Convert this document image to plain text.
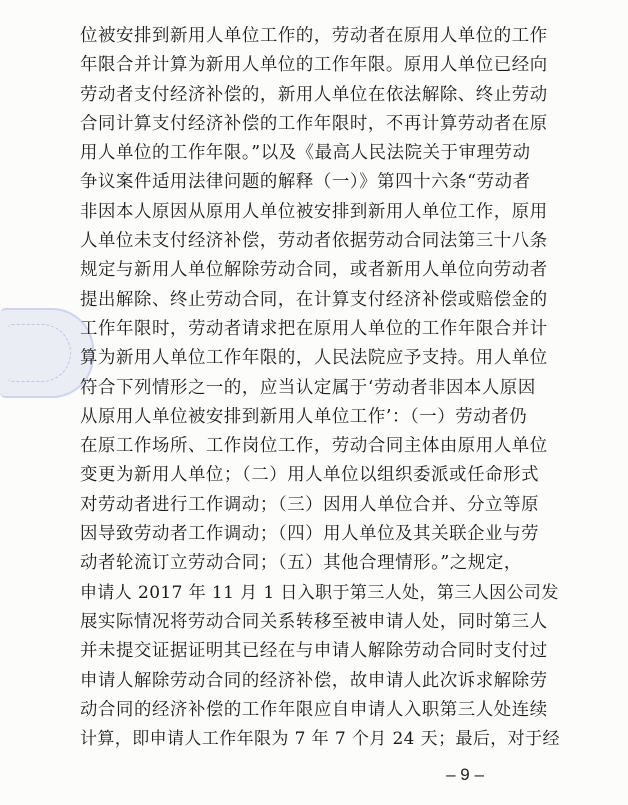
位被安排到新用人单位工作的，劳动者在原用人单位的工作
年限合并计算为新用人单位的工作年限。原用人单位已经向
劳动者支付经济补偿的，新用人单位在依法解除、终止劳动
合同计算支付经济补偿的工作年限时，不再计算劳动者在原
用人单位的工作年限。”以及《最高人民法院关于审理劳动
争议案件适用法律问题的解释（一）》第四十六条“劳动者
非因本人原因从原用人单位被安排到新用人单位工作，原用
人单位未支付经济补偿，劳动者依据劳动合同法第三十八条
规定与新用人单位解除劳动合同，或者新用人单位向劳动者
提出解除、终止劳动合同，在计算支付经济补偿或赔偿金的
工作年限时，劳动者请求把在原用人单位的工作年限合并计
算为新用人单位工作年限的，人民法院应予支持。用人单位
符合下列情形之一的，应当认定属于‘劳动者非因本人原因
从原用人单位被安排到新用人单位工作’：（一）劳动者仍
在原工作场所、工作岗位工作，劳动合同主体由原用人单位
变更为新用人单位；（二）用人单位以组织委派或任命形式
对劳动者进行工作调动；（三）因用人单位合并、分立等原
因导致劳动者工作调动；（四）用人单位及其关联企业与劳
动者轮流订立劳动合同；（五）其他合理情形。”之规定，
申请人 2017 年 11 月 1 日入职于第三人处，第三人因公司发
展实际情况将劳动合同关系转移至被申请人处，同时第三人
并未提交证据证明其已经在与申请人解除劳动合同时支付过
申请人解除劳动合同的经济补偿，故申请人此次诉求解除劳
动合同的经济补偿的工作年限应自申请人入职第三人处连续
计算，即申请人工作年限为 7 年 7 个月 24 天；最后，对于经
– 9 –
